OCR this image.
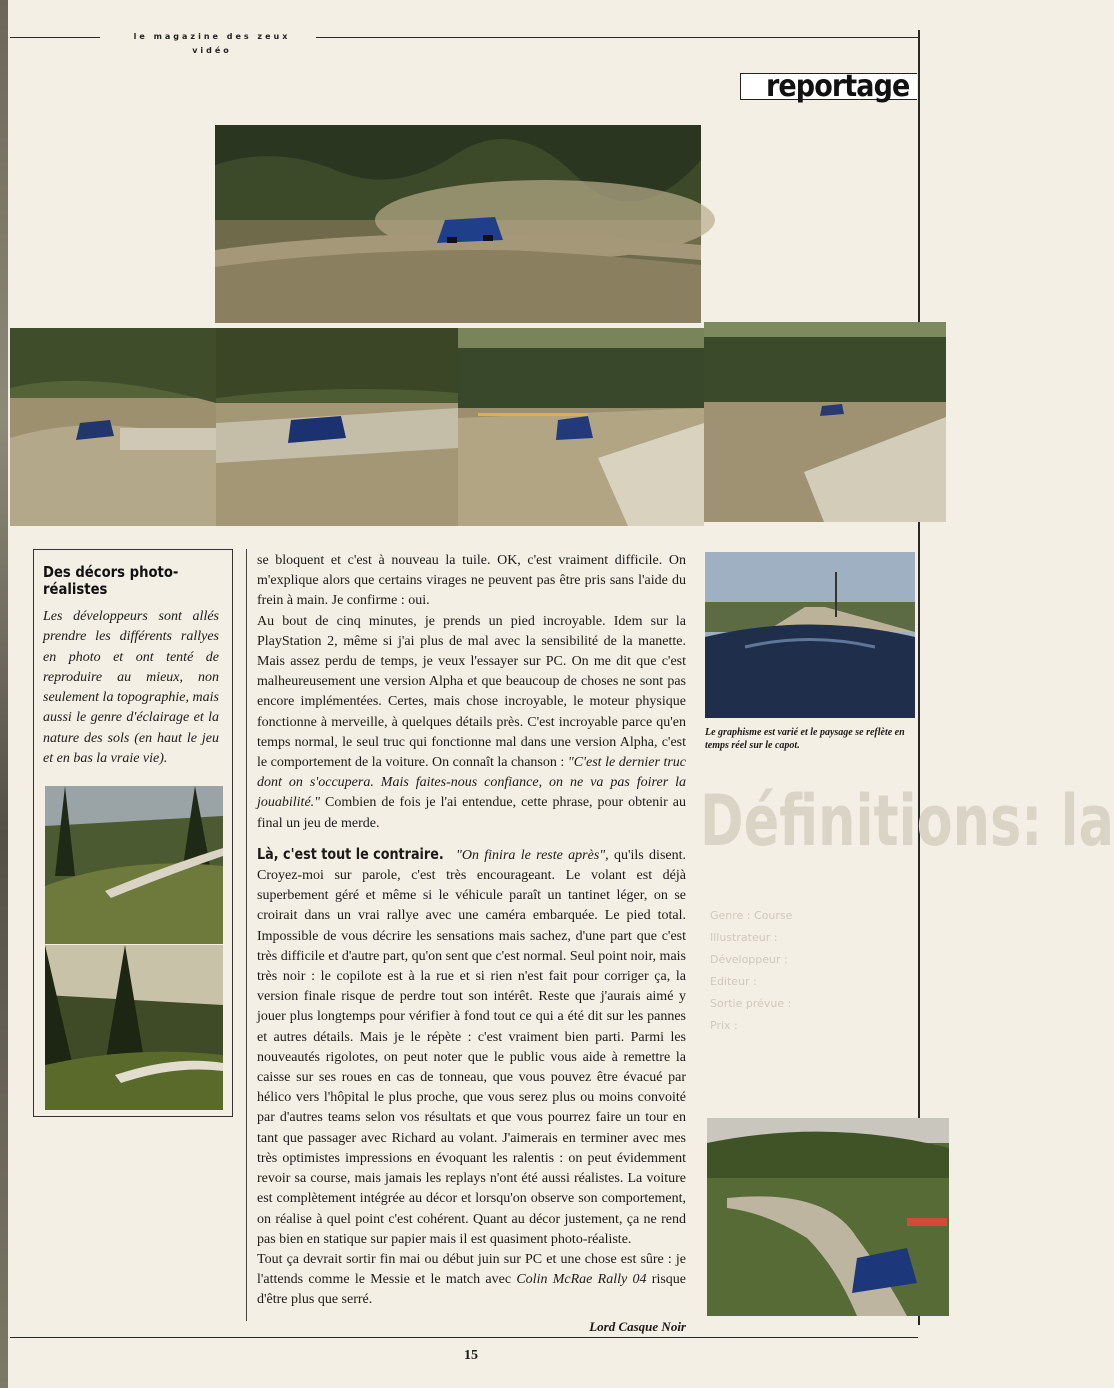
le magazine des zeux vidéo
reportage
Des décors photo-réalistes

Les développeurs sont allés prendre les différents rallyes en photo et ont tenté de reproduire au mieux, non seulement la topographie, mais aussi le genre d'éclairage et la nature des sols (en haut le jeu et en bas la vraie vie).

se bloquent et c'est à nouveau la tuile. OK, c'est vraiment difficile. On m'explique alors que certains virages ne peuvent pas être pris sans l'aide du frein à main. Je confirme : oui.

Au bout de cinq minutes, je prends un pied incroyable. Idem sur la PlayStation 2, même si j'ai plus de mal avec la sensibilité de la manette. Mais assez perdu de temps, je veux l'essayer sur PC. On me dit que c'est malheureusement une version Alpha et que beaucoup de choses ne sont pas encore implémentées. Certes, mais chose incroyable, le moteur physique fonctionne à merveille, à quelques détails près. C'est incroyable parce qu'en temps normal, le seul truc qui fonctionne mal dans une version Alpha, c'est le comportement de la voiture. On connaît la chanson : "C'est le dernier truc dont on s'occupera. Mais faites-nous confiance, on ne va pas foirer la jouabilité." Combien de fois je l'ai entendue, cette phrase, pour obtenir au final un jeu de merde.

Là, c'est tout le contraire. "On finira le reste après", qu'ils disent. Croyez-moi sur parole, c'est très encourageant. Le volant est déjà superbement géré et même si le véhicule paraît un tantinet léger, on se croirait dans un vrai rallye avec une caméra embarquée. Le pied total. Impossible de vous décrire les sensations mais sachez, d'une part que c'est très difficile et d'autre part, qu'on sent que c'est normal. Seul point noir, mais très noir : le copilote est à la rue et si rien n'est fait pour corriger ça, la version finale risque de perdre tout son intérêt. Reste que j'aurais aimé y jouer plus longtemps pour vérifier à fond tout ce qui a été dit sur les pannes et autres détails. Mais je le répète : c'est vraiment bien parti. Parmi les nouveautés rigolotes, on peut noter que le public vous aide à remettre la caisse sur ses roues en cas de tonneau, que vous pouvez être évacué par hélico vers l'hôpital le plus proche, que vous serez plus ou moins convoité par d'autres teams selon vos résultats et que vous pourrez faire un tour en tant que passager avec Richard au volant. J'aimerais en terminer avec mes très optimistes impressions en évoquant les ralentis : on peut évidemment revoir sa course, mais jamais les replays n'ont été aussi réalistes. La voiture est complètement intégrée au décor et lorsqu'on observe son comportement, on réalise à quel point c'est cohérent. Quant au décor justement, ça ne rend pas bien en statique sur papier mais il est quasiment photo-réaliste.

Tout ça devrait sortir fin mai ou début juin sur PC et une chose est sûre : je l'attends comme le Messie et le match avec Colin McRae Rally 04 risque d'être plus que serré.

Lord Casque Noir

Le graphisme est varié et le paysage se reflète en temps réel sur le capot.
Définitions: la
Genre : Course
Illustrateur :
Développeur :
Editeur :
Sortie prévue :
Prix :
15
